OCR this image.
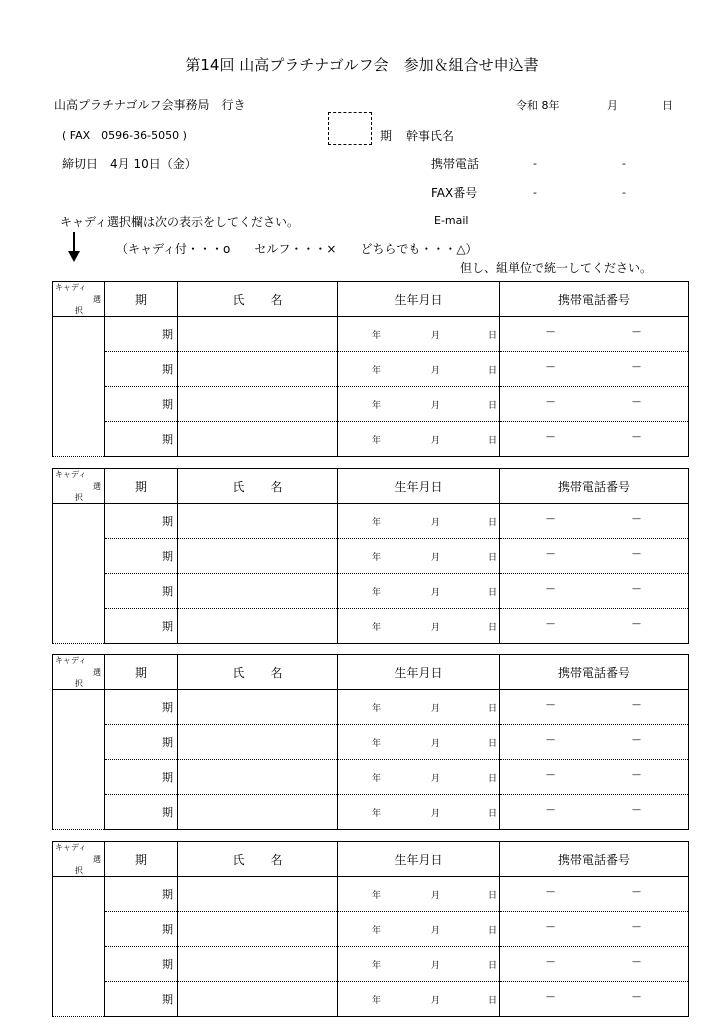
第14回 山高プラチナゴルフ会　参加＆組合せ申込書
山高プラチナゴルフ会事務局　行き	令和 8年	月	日
( FAX　0596-36-5050 )	期 幹事氏名
締切日　4月 10日（金）	携帯電話	-	-
FAX番号	-	-
キャディ選択欄は次の表示をしてください。	E-mail
（キャディ付・・・o　　セルフ・・・×　　どちらでも・・・△）
但し、組単位で統一してください。
キャディ
選
択	期	氏 名	生年月日	携帯電話番号
	期		年 月 日	— —

	期		年 月 日	— —

	期		年 月 日	— —

	期		年 月 日	— —
キャディ
選
択	期	氏 名	生年月日	携帯電話番号
	期		年 月 日	— —

	期		年 月 日	— —

	期		年 月 日	— —

	期		年 月 日	— —
キャディ
選
択	期	氏 名	生年月日	携帯電話番号
	期		年 月 日	— —

	期		年 月 日	— —

	期		年 月 日	— —

	期		年 月 日	— —
キャディ
選
択	期	氏 名	生年月日	携帯電話番号
	期		年 月 日	— —

	期		年 月 日	— —

	期		年 月 日	— —

	期		年 月 日	— —
